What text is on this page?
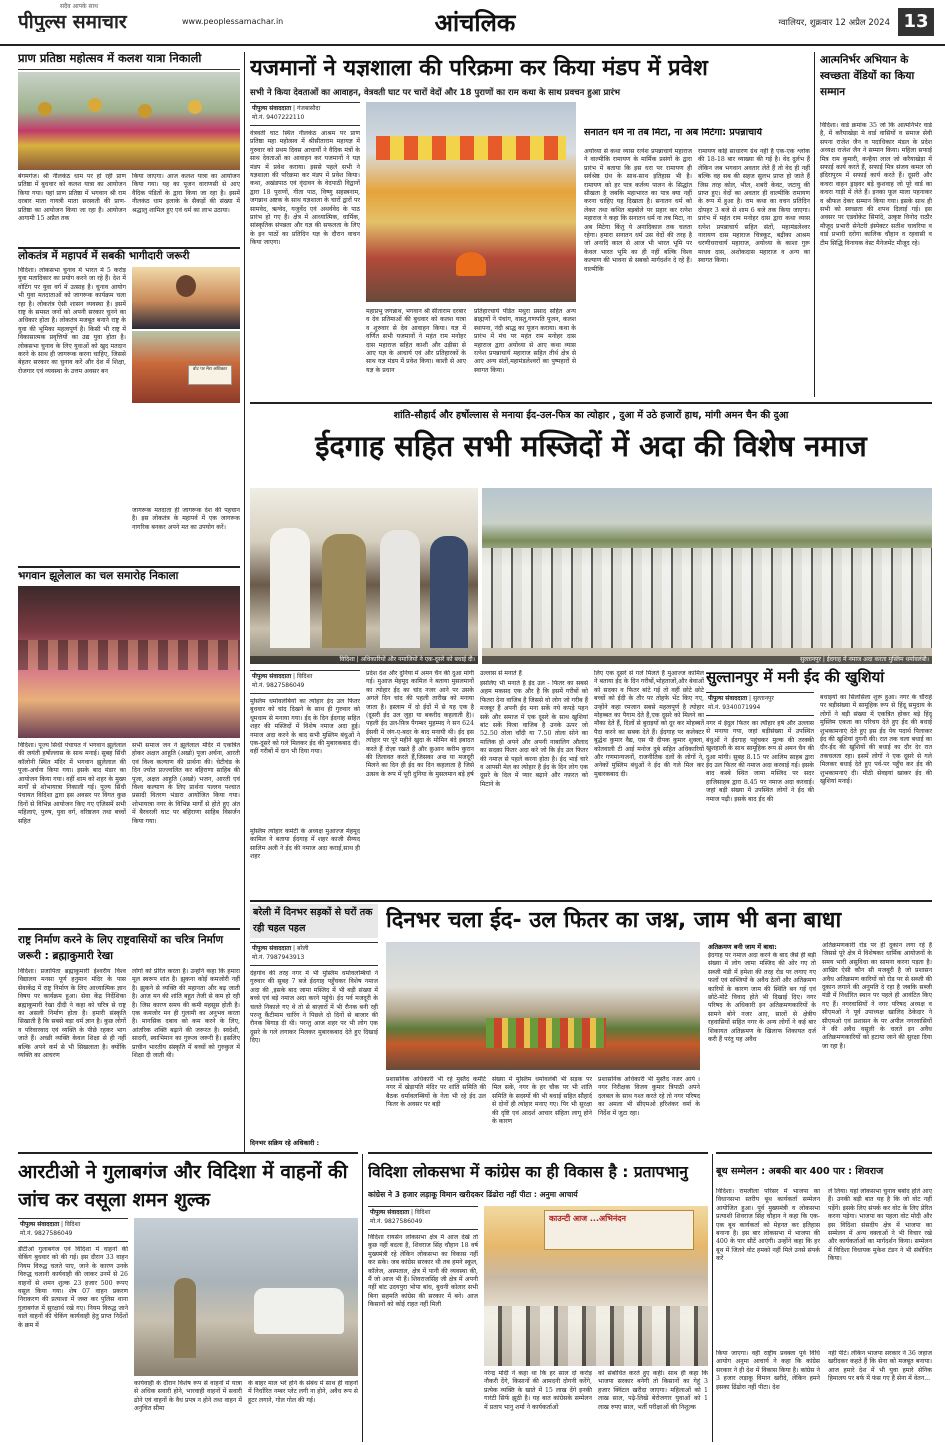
पीपुल्स समाचार
सदैव आपके साथ
www.peoplessamachar.in	आंचलिक	ग्वालियर, शुक्रवार 12 अप्रैल 2024 13
प्राण प्रतिष्ठा महोत्सव में कलश यात्रा निकाली
बेगमगंज। श्री नीलकंठ धाम पर हो रही प्राण प्रतिष्ठा में बुधवार को कलश यात्रा का आयोजन किया गया। यहां प्राण प्रतिष्ठा में भगवान श्री राम दरबार माता गायत्री माता सरस्वती की प्राण-प्रतिष्ठा का आयोजन किया जा रहा है। आयोजन आगामी 15 अप्रैल तक
किया जाएगा। आज कलश यात्रा का आयोजन किया गया। यह का पूजन वाराणसी से आए वैदिक पंडितों के द्वारा किया जा रहा है। इसमें नीलकंठ धाम इलाके के सैकड़ों की संख्या में श्रद्धालु शामिल हुए एवं धर्म का लाभ उठाया।
लोकतंत्र में महापर्व में सबकी भागीदारी जरूरी
विदिशा। लोकसभा चुनाव में भारत में 5 करोड़ युवा मतादिकार का प्रयोग करने जा रहे हैं। देश में वोटिंग पर युवा वर्ग में उत्साह है। चुनाव आयोग भी युवा मतदाताओं को जागरूक कार्यक्रम चला रहा है। लोकतंत्र ऐसी शासन व्यवस्था है। इसमें राष्ट्र के समस्त जनों को अपनी सरकार चुनने का अधिकार होता है। लोकतंत्र मजबूत बनाने राष्ट्र के युवा की भूमिका महत्वपूर्ण है। किसी भी राष्ट्र में विकासात्मक प्रवृत्तियों का उद्य युवा होता है। लोकसभा चुनाव के लिए युवाओं को खुद मतदान करने के साथ ही जागरूक करना चाहिए, जिससे बेहतर सरकार का चुनाव करें और देश में शिक्षा, रोजगार एवं व्यवस्था के उत्तम अवसर बन	वोट पर मेरा अधिकार
जागरूक मतदाता ही जागरूक देश की पहचान है। इस लोकतंत्र के महापर्व में एक जागरूक नागरिक बनकर अपने मत का उपयोग करें।
भगवान झूलेलाल का चल समारोह निकाला
विदिशा। पूज्य सिंधी पंचायत ने भगवान झूलेलाल की जयंती हर्षोल्लास के साथ मनाई। सुबह सिंधी कॉलोनी स्थित मंदिर में भगवान झूलेलाल की पूजा-अर्चना किया गया। इसके बाद मंडार का आयोजन किया गया। वहीं शाम को शहर के मुख्य मार्गों से शोभायात्रा निकाली गई। पूज्य सिंधी पंचायत विदिशा द्वारा इस अवसर पर विगत कुछ दिनों से विभिन्न आयोजन किए गए एजिसमें सभी महिलाएं, पुरुष, युवा वर्ग, वरिष्ठजन तथा बच्चों सहित
सभी समाज जन ने झूलेलाल मंदिर में एकत्रित होकर अक्षत आहुति (अखो) पूजा अर्चना, आरती एवं विश्व कल्याण की प्रार्थना की। चेटीचंड के दिन ज्योत प्रज्ज्वलित कर बहिराणा साहिब की पूजा, अक्षत आहुति (अखो) भजन, आरती एवं विश्व कल्याण के लिए प्रार्थना पल्लव पश्चात प्रसादी वितरण भंडारा आयोजित किया गया। शोभायात्रा नगर के विभिन्न मार्गों से होते हुए अंत में बैरवरली घाट पर बहिराणा साहिब विसर्जन किया गया।
राष्ट्र निर्माण करने के लिए राष्ट्रवासियों का चरित्र निर्माण जरूरी : ब्रह्माकुमारी रेखा
विदिशा। प्रजापिता ब्रह्माकुमारी ईश्वरीय विश्व विद्यालय मनसा पूर्ण हनुमान मंदिर के पास सेवाकेंद्र में राष्ट्र निर्माण के लिए आध्यात्मिक ज्ञान विषय पर कार्यक्रम हुआ। सेवा केंद्र निर्देशिका ब्रह्माकुमारी रेखा दीदी ने कहा को चरित्र से राष्ट्र का असली निर्माण होता है। हमारी संस्कृति सिखाती है कि सबसे बड़ा धर्म ज्ञान है। कुछ लोगों व परिवारवाद एवं व्यक्ति के पीछे रहकर भाग जाते हैं। अच्छी व्यक्ति केवल शिक्षा से ही नहीं बल्कि अपने कर्म से भी सिखलाता है। क्योंकि व्यक्ति का आचरण
लोगों को प्रेरित करता है। उन्होंने कहा कि हमारा मूल स्वरूप शांत है। झुकना कोई कमजोरी नहीं है। झुकने से व्यक्ति की महानता और बढ़ जाती है। आज मन की शांति बहुत तेजी से कम हो रही है। जिस कारण समय की कमी महसूस होती है। एक कमजोर मन ही गुलामी का अनुभव करता है। मानसिक दबाव को कम करने के लिए, आंतरिक शक्ति बढ़ाने की जरूरत है। स्वदेशी, सादगी, स्वाभिमान का गुरूत्व जरूरी है। इसलिए प्राचीन भारतीय संस्कृति में बच्चों को गुरुकुल में शिक्षा दी जाती थी।
यजमानों ने यज्ञशाला की परिक्रमा कर किया मंडप में प्रवेश
सभी ने किया देवताओं का आवाहन, वेत्रवती घाट पर चारों वेदों और 18 पुराणों का राम कथा के साथ प्रवचन हुआ प्रारंभ
पीपुल्स संवाददाता | गंजबासौदा
मो.नं. 9407222110
वेत्रवती घाट स्थित नीलकंठ आश्रम पर प्राण प्रतिष्ठा महा महोत्सव में श्रीसीताराम महायज्ञ में गुरुवार को प्रथम दिवस आचार्यों ने वैदिक मंत्रों के साथ देवताओं का आवाहन कर यजमानों ने यज्ञ मंडप में प्रवेश कराया। इससे पहले सभी ने यज्ञशाला की परिक्रमा कर मंडप में प्रवेश किया। कथा, अखंडपाठ एवं वृंदावन के वेदपाठी विद्वानों द्वारा 18 पुराणों, गीता पाठ, विष्णु सहस्त्रनाम, जगन्नाथ अष्टक के साथ यज्ञशाला के चारों द्वारों पर सामवेद, ऋग्वेद, यजुर्वेद एवं अथर्ववेद के पाठ प्रारंभ हो गए हैं। क्षेत्र में आध्यात्मिक, धार्मिक, सांस्कृतिक संपन्नता और यज्ञ की सफलता के लिए के इन पाठों का प्रतिदिन यज्ञ के दौरान वाचन किया जाएगा।
महाप्रभु जगन्नाथ, भगवान श्री सीताराम दरबार व देव प्रतिमाओं की बुधवार को कलश यात्रा व शुरुवार से देव आवाहन किया। यज्ञ में वर्णित सभी यजमानों ने महंत राम मनोहर दास महाराज सहित काशी और उड़ीसा से आए यज्ञ के आचार्य एवं और प्रतिहारकों के साथ यज्ञ मंडप में प्रवेश किया। काशी से आए यज्ञ के प्रधान
प्रतिहारचार्य पंडित मथुरा प्रसाद सहित अन्य ब्राह्मणों ने पंचांग, वास्तु,गणपति पूजन, कलश स्थापना, नंदी श्राद्ध का पूजन कराया। कथा के प्रारंभ में मंच पर महंत राम मनोहर दास महाराज द्वारा अयोध्या से आए कथा व्यास रत्नेश प्रपन्नाचार्य महाराज सहित तीर्थ क्षेत्र से आए अन्य संतों,महामंडलेश्वरों का पुष्पहारों से स्वागत किया।
सनातन धर्म ना तब मिटा, ना अब मिटेगा: प्रपन्नाचार्य
अयोध्या से कथा व्यास रत्नेश प्रपन्नाचार्य महाराज ने वाल्मीकि रामायण के मार्मिक प्रसंगों के द्वारा प्रारंभ में बताया कि इस धरा पर रामायण ही सर्वश्रेष्ठ ग्रंथ के साथ-साथ इतिहास भी है। रामायण को हर पात्र कर्तव्य पालन के सिद्धांत सीखता है जबकि महाभारत का पात्र क्या नहीं करना चाहिए यह दिखाता है। सनातन धर्म को लेकर तथा कथित बड़बोले पर प्रहार कर रत्नेश महाराज ने कहा कि सनातन धर्म ना तब मिटा, ना अब मिटेगा किंतु ये अनादिकाल तक चलता रहेगा। हमारा सनातन धर्म उस वेदों की तरह है जो अनादि काल से आज भी भारत भूमि पर केवल भारत भूमि का ही नहीं बल्कि विश्व कल्याण की भावना से सबको मार्गदर्शन दे रहे हैं। वाल्मीकि
रामायण कोई साधारण ग्रंथ नहीं है एक-एक श्लोक की 18-18 बार व्याख्या की गई है। वेद दुर्लभ हैं लेकिन जब भगवान अवतार लेते हैं तो वेद ही नहीं बल्कि वह सब की सहज सुलभ प्राप्त हो जाते हैं जिस तरह कोल, भील, शबरी केवट, जटायु की प्राप्त हुए। वेदों का अवतार ही वाल्मीकि रामायण के रूप में हुआ है। राम कथा का वचन प्रतिदिन दोपहर 3 बजे से शाम 6 बजे तक किया जाएगा। प्रारंभ में महंत राम मनोहर दास द्वारा कथा व्यास रत्नेश प्रपन्नाचार्य सहित संतों, महामंडलेश्वर नारायण दास महाराज चित्रकूट, बद्रीका आश्रम धरणीधराचार्य महाराज, अयोध्या के काशा गुरू माधव दास, अशोकदास महाराज व अन्य का स्वागत किया।
आत्मनिर्भर अभियान के स्वच्छता वेंडियों का किया सम्मान
विदिशा। वार्ड क्रमांक 35 जो कि आत्मनिर्भर वार्ड है, में करैयाखेड़ा मे वार्ड वासियों व समाज सेवी सपना राजेश जैन व पदाधिकार मंडल के प्रदेश अध्यक्ष राजेश जैन ने सम्मान किया। महिला सफाई मित्र राम कुमारी, कन्हैया लाल जो करैयाखेड़ा में सफाई कार्य करते हैं, सफाई मित्र संजय कमल जो इंदिरापुरम में सफाई कार्य करते हैं। दूसरी और कचरा वाहन ड्राइवर बड़े कुशवाह जो पूरे वार्ड का कचरा गाड़ी में लेते हैं। इनका फूल माला पहनाकर व श्रीफल देकर सम्मान किया गया। इसके साथ ही सभी को स्वच्छता की शपथ दिलाई गई। इस अवसर पर एडवोकेट सिमांदे, उत्कृष्ट विनोद राठौर मौजूद प्रभारी सेनेटरी इंस्पेक्टर सतीश चावरिया व वार्ड प्रभारी दरोगा कालिक चौहान व रहवासी व टीम सिद्धि विनायक वेस्ट मैनेजमेंट मौजूद रहे।
शांति-सौहार्द और हर्षोल्लास से मनाया ईद-उल-फित्र का त्योहार , दुआ में उठे हजारों हाथ, मांगी अमन चैन की दुआ
ईदगाह सहित सभी मस्जिदों में अदा की विशेष नमाज
विदिशा | अधिकारियों और नमाजियों ने एक-दूसरे को बधाई दी।	सुल्तानपुर | ईदगाह में नमाज अदा करता मुस्लिम धर्मावलंबी।
पीपुल्स संवाददाता | विदिशा
मो.नं. 9827586049
मुस्लिम धर्मावलंबियों का त्योहार ईद उल फितर बुधवार को चांद दिखने के साथ ही गुरुवार को धूमधाम से मनाया गया। ईद के दिन ईदगाह सहित शहर की मस्जिदों में विशेष नमाज अदा हुई। नमाज अदा करने के बाद सभी मुस्लिम बंधुओं ने एक-दूसरे को गले मिलकर ईद की मुबारकबाद दी। वहीं गरीबों में दान भी दिया गया।
मुस्लिम त्योहार कमेटी के अध्यक्ष मुआज्ज मेहमूद कामिल ने बताया ईदगाह में शहर काजी सैय्यद सालिम अली ने ईद की नमाज अदा कराई,साथ ही शहर
प्रदेश देश और दुनिया में अमन चैन की दुआ मांगी गई। मुआज मेहमूद कामिल ने बताया मुसलमानों का त्योहार ईद का चांद नजर आने पर उसके अगले दिन चांद की पहली तारीख को मनाया जाता है। इस्लाम में दो ईदों में से यह एक है (दूसरी ईद उल जुहा या बकरीद कहलाती है)। पहली ईद उल-फ़ित्र पैगम्बर मुहम्मद ने सन 624 ईसवी में जंग-ए-बदर के बाद मनायी थी। ईद इस त्योहार पर पूरे महीने खुदा के मोमिन बंदे इबादत करते हैं रोज़ा रखते हैं और क़ुआन करीम कुरान की तिलावत करते हैं,जिसका अज्र या मजदूरी मिलने का दिन ही ईद का दिन कहलाता है जिसे उत्सव के रूप में पूरी दुनिया के मुसलमान बड़े हर्ष
उल्लास से मनाते हैं
इसलिए भी मनाते है ईद उल - फितर का सबसे अहम मकसद एक और है कि इसमें गरीबों को फितरा देना वाजिब है जिससे वो लोग जो गरीब हैं मजबूर हैं अपनी ईद मना सकें नये कपड़े पहन सकें और समाज में एक दूसरे के साथ खुशियां बांट सकें फित्रा वाजिब है उनके ऊपर जो 52.50 तोला चाँदी या 7.50 तोला सोने का मालिक हो अपने और अपनी नाबालिग औलाद का सदक़ा फितर अदा करे जो कि ईद उल फितर की नमाज़ से पहले करना होता है। ईद भाई चारे व आपसी मेल का त्योहार है ईद के दिन लोग एक दूसरे के दिल में प्यार बढ़ाने और नफ़रत को मिटाने के
लिए एक दूसरे से गले मिलते हैं मुआज्ज कामिल ने बताया ईद के दिन गरीबों,भोहताजों,और बेवाओं को सदका व फितर बांटे गई तो वहीं छोटे छोटे बच्चों को ईदी के तौर पर तोहफे भेंट किए गए, उन्होंने कहा रमजान सबसे महत्वपूर्ण है त्योहार मोहब्बत का पैगाम देते हैं,एक दूसरे को मिलने का मौका देते हैं, दिलों से बुराइयों को दूर कर मोहब्बतें पैदा करने का सबक देते हैं। ईदगाह पर कलेक्टर बुद्धेश कुमार वैद्य, एस पी दीपक कुमार शुक्ला, कोतवाली टी आई मनोज दुबे सहित अधिकारियों और गणमान्यजनों, राजनीतिक दलों के लोगों ने, अनेकों मुस्लिम बंधुओं ने ईद की गले मिल कर मुबारकबाद दी।
सुल्तानपुर में मनी ईद की खुशियां
पीपुल्स संवाददाता | सुल्तानपुर
मो.नं. 9340071994
नगर में ईदुल फितर का त्यौहार हर्ष और उल्लास से मनाया गया, जहां बड़ीसंख्या में उपस्थित बंधुओं ने ईदगाह पहुंचकर मुल्क की तरक्की खुशहाली के साथ सामूहिक रूप से अमन चैन की दुआ मांगी। सुबह 8.15 पर आलिम साहब द्वारा ईद उल फितर की नमाज अदा करवाई गई। इसके बाद कस्बे स्थित जामा मस्जिद पर सदर हाजिसाहब द्वारा 8.45 पर नमाज अदा करवाई। जहां बड़ी संख्या में उपस्थित लोगों ने ईद की नमाज पढ़ी। इसके बाद ईद की
बधाइयों का सिलसिला शुरू हुआ। नगर के चौराहे पर बड़ीसंख्या में सामूहिक रूप से हिंदू समुदाय के लोगों ने बड़ी संख्या में एकत्रित होकर बड़े हिंदू मुस्लिम एकता का परिचय देते हुए ईद की बधाई शुभकामनाएं देते हुए इस ईद पेय पदार्थ पिलाकर ईद की खुशियां दुगनी की। रात तक चला बधाई का दौर-ईद की खुशियों की बधाई का दौर देर रात तकचलता रहा। इसमें लोगों ने एक दूसरे से गले मिलकर बधाई देते हुए पर्व-पर पहुँच कर ईद की शुभकामनाएं दी। मीठी सेवइयां खाकर ईद की खुशियां मनाई।
बरेली में दिनभर सड़कों से घरों तक रही चहल पहल	दिनभर चला ईद- उल फितर का जश्न, जाम भी बना बाधा
पीपुल्स संवाददाता | बरेली
मो.नं. 7987943913
देहगांव की तरह नगर में भी मुस्लिम धर्मावलम्बियों ने गुरुवार की सुबह 7 बजे ईदगाह पहुँचकर विशेष नमाज अदा की ,इसके बाद जामा मस्जिद में भी बड़ी संख्या में बच्चे एवं बड़े नमाज अदा करने पहुंचे। ईद पर्व मजदूरी के चलते निकाले गए थे तो से बाज़ारों में भी रौनक बनी रही परन्तु कैंटीमाम चारिंग ने पिछले दो दिनों से बाजार की रौनक बिगाड़ दी थी। परन्तु आज शहर पर भी लोग एक दूसरे के गले लगाकर मिलकर मुबारकबाद देते हुए दिखाई दिए।
दिनभर सक्रिय रहे अधिकारी :
प्रशासनिक अधिकारी भी रहे मुस्तैद कमेटि नगर में खेड़ापति मंदिर पर शांति समिति की बैठक धर्मावलम्बियों के नेता भी रहे ईद उल फितर के अवसर पर बड़ी
संख्या में मुस्लिम धर्मावलंबी भी सड़क पर मिल सकें, नगर के हर चौक पर भी शांति समिति के सदस्यों की भी बधाई सहित सौहार्द से दोनों ही त्योहार मनाए गए। पिर भी सुरक्षा की दृष्टि एवं आदर्श आचार संहिता लागू होने के कारण
प्रशासनिक अधिकारी भी मुस्तैद नजर आये । नगर निरीक्षक विजय कुमार त्रिपाठी अपने दलबल के साथ गश्त करते रहे तो नगर परिषद का अमला भी सीएमओ हरिशंकर वर्मा के निर्देश में जुटा रहा।
अतिक्रमण बनी जाम में बाधा:
ईदगाह पर नमाज अदा करने के बाद जैसे ही बड़ी संख्या में लोग जामा मस्जिद की ओर गए तो सब्जी मंडी में हमेशा की तरह रोड पर लगाए गए फलों एवं सब्जियों के अवैध ठेलों और अतिक्रमण कारियों के कारण जाम की स्थिति बन गई एवं छोटे-मोटे विवाद होते भी दिखाई दिए। नगर परिषद के अधिकारी इन अतिक्रमणकारियों के सामने बोने नजर आए, सालों से क्षेत्रीय रहवासियों सहित नगर के अन्य लोगों ने कई बार शिकायत अतिक्रमण के खिलाफ शिकायत दर्ज करी हैं परंतु यह अवैध
अतिक्रमणकारी रोड पर ही दुकान लगा रहे हैं जिससे पूरे क्षेत्र में विशेषकर धार्मिक आयोजनों के समय भारी असुविधा का सामना करना पड़ता है। आखिर ऐसी कौन सी मजबूरी है जो प्रशासन अवैध अतिक्रमण कारियों को रोड पर से सब्जी की दुकान लगाने की अनुमति दे रहा है जबकि सब्जी मंडी में निर्धारित स्थान पर पहले ही आवंटित किए गए हैं। नगरवासियों ने नगर परिषद अध्यक्ष व सीएमओ ने पूर्व उपाध्यक्ष खालिद ठेकेदार ने सीएमओ एवं प्रशासन के पर अपील नगरवासियों ने की अवैध वसूली के चलते इन अवैध अतिक्रमणकारियों को हटाया जाने की सुरक्षा दिया जा रहा है।
आरटीओ ने गुलाबगंज और विदिशा में वाहनों की जांच कर वसूला शमन शुल्क
पीपुल्स संवाददाता | विदिशा
मो.नं. 9827586049
डीटीओ गुलाबगंज एवं विदिशा में वाहनों की चेकिंग बुधवार को की गई। इस दौरान 33 वाहन नियम विरुद्ध चलते पाए, जाने के कारण उनके विरुद्ध चलानी कार्यवाही की जाकर उनमें से 26 वाहनों से शमन शुल्क 23 हजार 500 रूपए वसूल किया गया। शेष 07 वाहन प्रकरण निराकरण की प्रत्याशा में जब्त कर पुलिस थाना गुलाबगंज में सुरक्षार्थ रखे गए। नियम विरुद्ध जाने वाले वाहनों की चेकिंग कार्यवाही हेतु प्राप्त निर्देशों के क्रम में
कार्यवाही के दौरान विशेष रूप से वाहनों में यात्रा से अधिक सवारी होने, भारवाही वाहनों में सवारी ढोने एवं वाहनों के वैध प्रपत्र न होने तथा वाहन में अनुचित सीमा
के बाहर माल भरे होने के संबंध में साथ ही वाहनों में निर्धारित नम्बर प्लेट लगी ना होने, अवैध रूप से हूटर लगाने, गोल गोल की गई।
विदिशा लोकसभा में कांग्रेस का ही विकास है : प्रतापभानु
कांग्रेस ने 3 हजार लड़ाकू विमान खरीदकर ढिंढोरा नहीं पीटा : अनुमा आचार्य
पीपुल्स संवाददाता | विदिशा
मो.नं. 9827586049
विदिशा रायसेन लोकसभा क्षेत्र में आज देखें तो कुछ नहीं बदला है, शिवराज सिंह चौहान 18 वर्ष मुख्यमंत्री रहे लेकिन लोकसभा का विकास नहीं कर सके। जब कांग्रेस सरकार थी तब हमने स्कूल, कॉलेज, अस्पताल, क्षेत्र में पानी की व्यवस्था की, मैं जो आज भी हैं। शिवराजसिंह जी क्षेत्र में अपनी नहीं बांट उदयपुरा भोपा बांध, बुधनी कोलार सभी बिना सहमति कांग्रेस की सरकार में बने। आज किसानों को कोई राहत नहीं मिली
काउन्टी आज ...अभिनंदन
नरेन्द्र मोदी ने कहा था कि हर साल दो करोड़ नौकरी देंगे, किसानों की आमदनी दोगनी करेंगे, प्रत्येक व्यक्ति के खाते में 15 लाख देंगे इनकी गारंटी सिर्फ झूठी है। यह बात कांग्रेसके सम्मेलन में प्रताप भानु शर्मा ने कार्यकर्ताओं
को संबोधित करते हुए कही। साथ ही कहा कि भाजपा सरकार बनेगी तो किसानों का गेहूं 3 हजार क्विंटल खरीदा जाएगा। महिलाओं को 1 लाख साल, पढ़े-लिखे बेरोजगार युवाओं को 1 लाख रुपए साल, भर्ती परीक्षाओं की निशुल्क
बूथ सम्मेलन : अबकी बार 400 पार : शिवराज
विदिशा। रामलीला परिसर में भाजपा का विधानसभा स्तरीय बूथ कार्यकर्ता सम्मेलन आयोजित हुआ। पूर्व मुख्यमंत्री व लोकसभा प्रत्याशी शिवराज सिंह चौहान ने कहा कि एक-एक बूथ कार्यकर्ता को मेहनत कर इतिहास बनाना है। इस बार लोकसभा में भाजपा की 400 के पार सीटें आएंगी। उन्होंने कहा कि हर बूथ में जितने वोट हमको नहीं मिले उनसे संपर्क करें
ले लिया। यहां लोकसभा चुनाव बर्बाद होते आए हैं। उनकी बड़ी बात यह है कि जो वोट नहीं पड़ेंगे। इसके लिए संपर्क कर वोट के लिए प्रेरित करना पड़ेगा। भाजपा का पहला वोट मोदी और इस विदिशा संसदीय क्षेत्र में भाजपा का सम्मेलन में अन्य वक्ताओं ने भी विचार रखे और कार्यकर्ताओं का मार्गदर्शन किया। सम्मेलन में विदिशा विधायक मुकेश टंडन ने भी संबोधित किया।
किया जाएगा। वहीं राष्ट्रीय प्रवक्ता पूर्व विधि आयोग अनुमा आचार्य ने कहा कि कांग्रेस सरकार ने ही देश में विकास किया है। कांग्रेस ने 3 हजार लड़ाकू विमान खरीदे, लेकिन हमने इसका ढिंढोरा नहीं पीटा। देश
नहीं पीटे। लेकिन भाजपा सरकार ने 36 जहाज खरीदकर कहते हैं कि सेना को मजबूत बनाया। आज हमारे देश में भी युवा हमारे सेनिक हिमालय पर बर्फ में फंस गए हैं सेना में वेतन...
